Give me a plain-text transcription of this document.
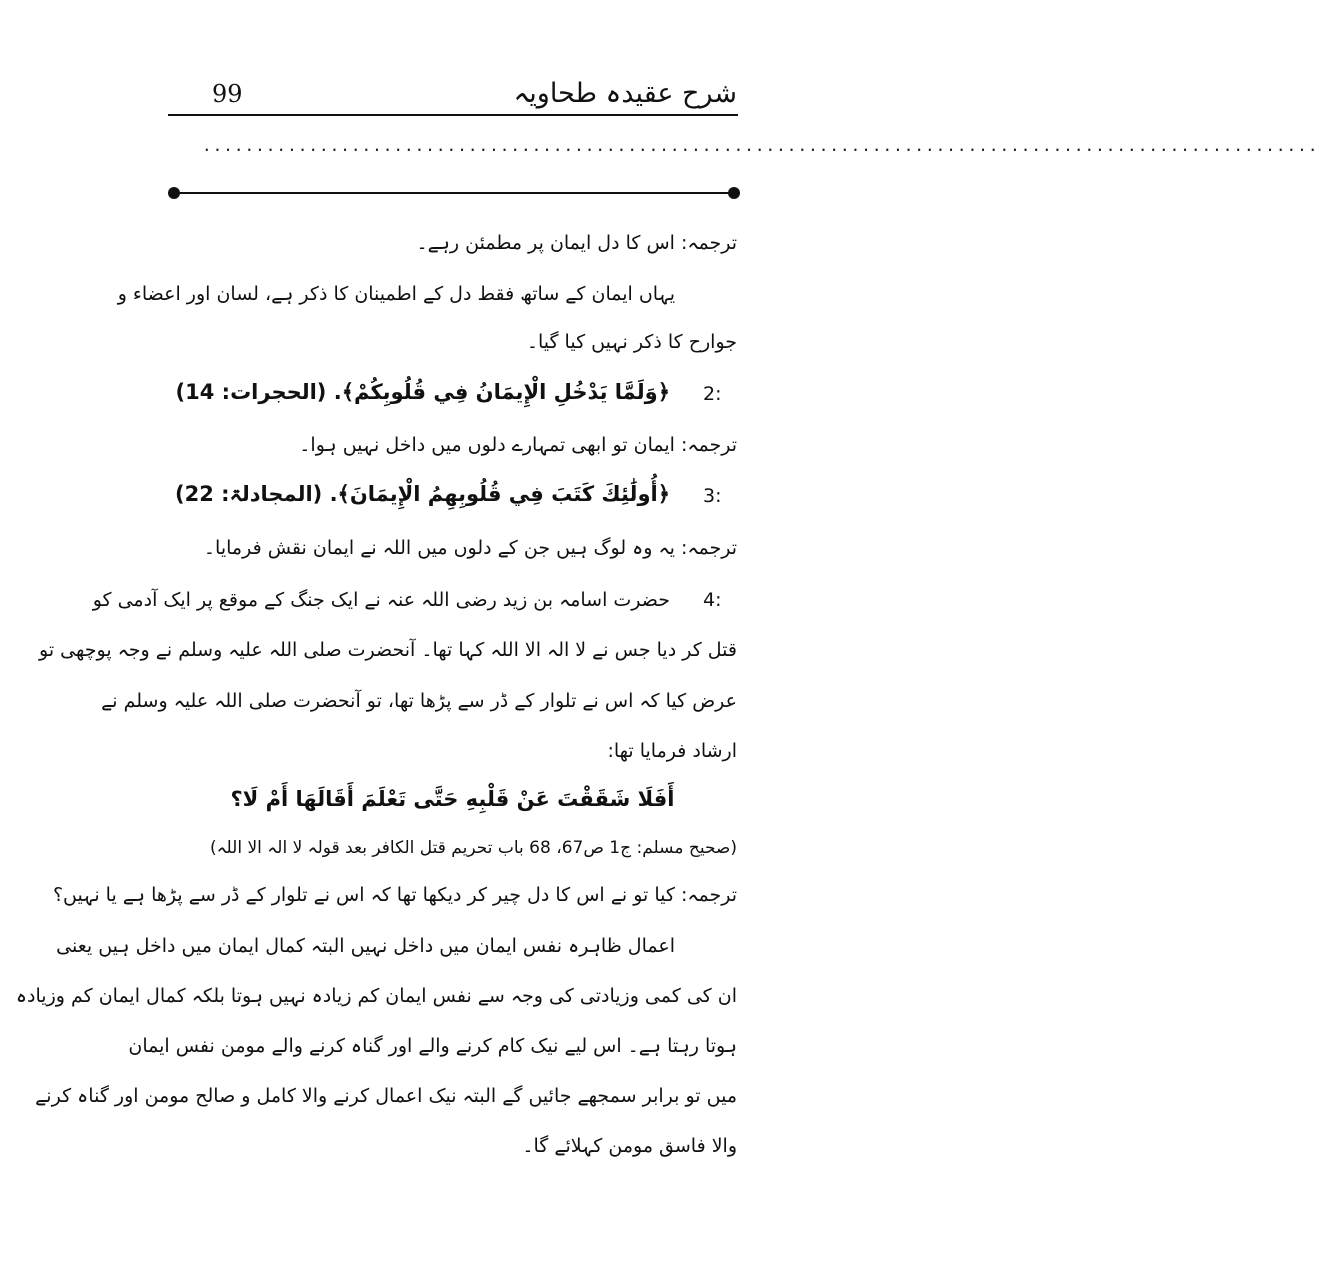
شرح عقیدہ طحاویہ
99
.........................................................................................................
ترجمہ: اس کا دل ایمان پر مطمئن رہے۔
یہاں ایمان کے ساتھ فقط دل کے اطمینان کا ذکر ہے، لسان اور اعضاء و
جوارح کا ذکر نہیں کیا گیا۔
2:
﴿وَلَمَّا يَدْخُلِ الْإِيمَانُ فِي قُلُوبِكُمْ﴾. (الحجرات: 14)
ترجمہ: ایمان تو ابھی تمہارے دلوں میں داخل نہیں ہوا۔
3:
﴿أُولَٰئِكَ كَتَبَ فِي قُلُوبِهِمُ الْإِيمَانَ﴾. (المجادلۃ: 22)
ترجمہ: یہ وہ لوگ ہیں جن کے دلوں میں اللہ نے ایمان نقش فرمایا۔
4:
حضرت اسامہ بن زید رضی اللہ عنہ نے ایک جنگ کے موقع پر ایک آدمی کو
قتل کر دیا جس نے لا الہ الا اللہ کہا تھا۔ آنحضرت صلی اللہ علیہ وسلم نے وجہ پوچھی تو
عرض کیا کہ اس نے تلوار کے ڈر سے پڑھا تھا، تو آنحضرت صلی اللہ علیہ وسلم نے
ارشاد فرمایا تھا:
أَفَلَا شَقَقْتَ عَنْ قَلْبِهِ حَتَّى تَعْلَمَ أَقَالَهَا أَمْ لَا؟
(صحیح مسلم: ج1 ص67، 68 باب تحریم قتل الکافر بعد قولہ لا الہ الا اللہ)
ترجمہ: کیا تو نے اس کا دل چیر کر دیکھا تھا کہ اس نے تلوار کے ڈر سے پڑھا ہے یا نہیں؟
اعمال ظاہرہ نفس ایمان میں داخل نہیں البتہ کمال ایمان میں داخل ہیں یعنی
ان کی کمی وزیادتی کی وجہ سے نفس ایمان کم زیادہ نہیں ہوتا بلکہ کمال ایمان کم وزیادہ
ہوتا رہتا ہے۔ اس لیے نیک کام کرنے والے اور گناہ کرنے والے مومن نفس ایمان
میں تو برابر سمجھے جائیں گے البتہ نیک اعمال کرنے والا کامل و صالح مومن اور گناہ کرنے
والا فاسق مومن کہلائے گا۔
